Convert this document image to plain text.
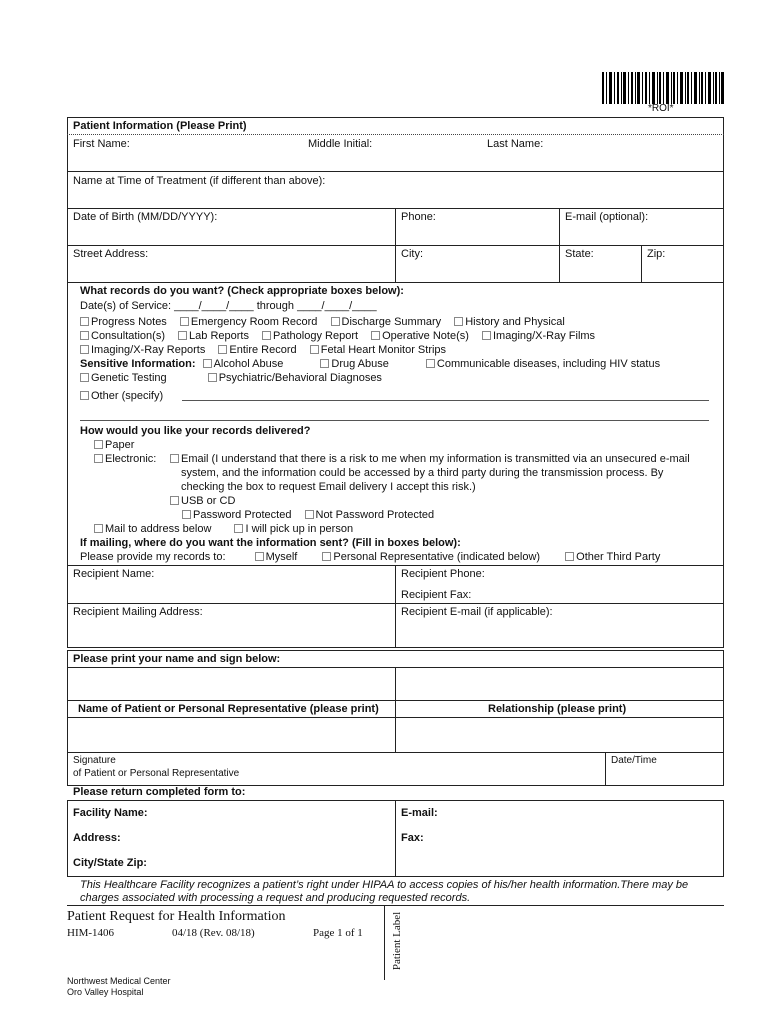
*ROI*
Patient Information (Please Print)
First Name:	Middle Initial:	Last Name:
Name at Time of Treatment (if different than above):
Date of Birth (MM/DD/YYYY):	Phone:	E-mail (optional):
Street Address:	City:	State:	Zip:
What records do you want? (Check appropriate boxes below):
Date(s) of Service: ____/____/____ through ____/____/____
Progress Notes Emergency Room Record Discharge Summary History and Physical
Consultation(s) Lab Reports Pathology Report Operative Note(s) Imaging/X-Ray Films
Imaging/X-Ray Reports Entire Record Fetal Heart Monitor Strips
Sensitive Information: Alcohol Abuse	Drug Abuse	Communicable diseases, including HIV status
Genetic Testing	Psychiatric/Behavioral Diagnoses
Other (specify)
How would you like your records delivered?
Paper
Electronic:	Email (I understand that there is a risk to me when my information is transmitted via an unsecured e-mail
system, and the information could be accessed by a third party during the transmission process. By
checking the box to request Email delivery I accept this risk.)
USB or CD
Password Protected Not Password Protected
Mail to address below	I will pick up in person
If mailing, where do you want the information sent? (Fill in boxes below):
Please provide my records to:	Myself	Personal Representative (indicated below)	Other Third Party
Recipient Name:	Recipient Phone:
Recipient Fax:
Recipient Mailing Address:	Recipient E-mail (if applicable):
Please print your name and sign below:
Name of Patient or Personal Representative (please print)	Relationship (please print)
Signature
of Patient or Personal Representative
Date/Time
Please return completed form to:
Facility Name:	E-mail:
Address:	Fax:
City/State Zip:
This Healthcare Facility recognizes a patient’s right under HIPAA to access copies of his/her health information.There may be
charges associated with processing a request and producing requested records.
Patient Request for Health Information
HIM-1406	04/18 (Rev. 08/18)	Page 1 of 1	Patient Label
Northwest Medical Center
Oro Valley Hospital
